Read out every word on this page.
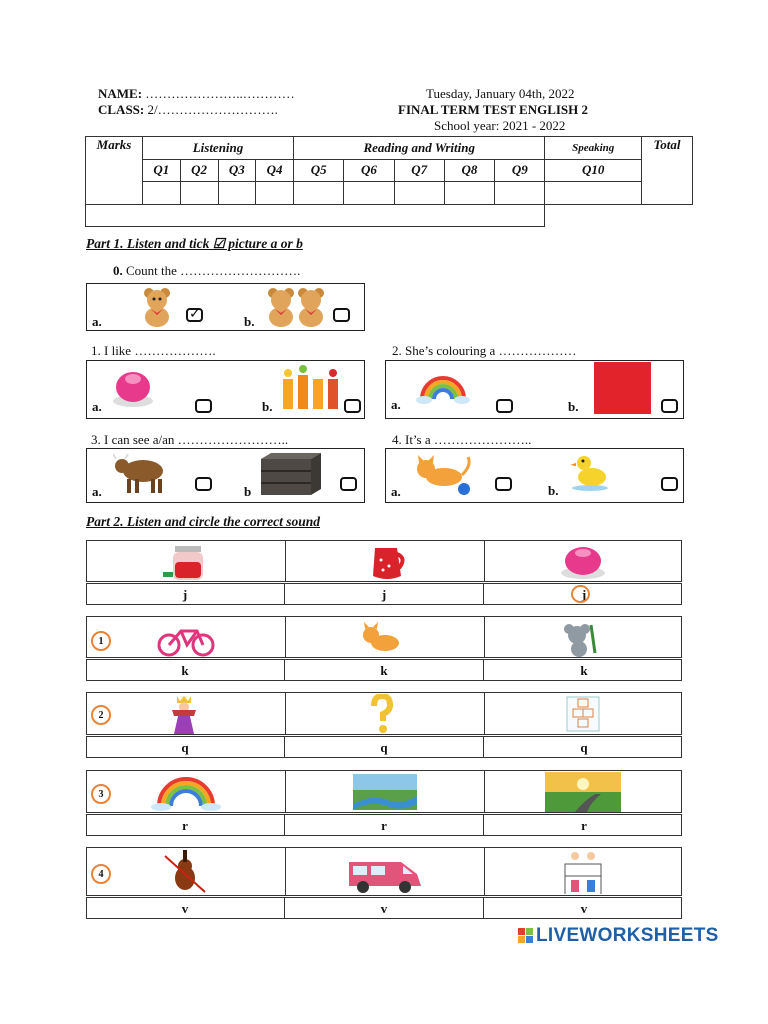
NAME: …………………..…………
CLASS: 2/……………………….
Tuesday, January 04th, 2022
FINAL TERM TEST ENGLISH 2
School year: 2021 - 2022
Marks	Listening				Reading and Writing					Speaking	Total
	Q1	Q2	Q3	Q4	Q5	Q6	Q7	Q8	Q9	Q10	

Part 1. Listen and tick ☑ picture a or b
0. Count the ……………………….
a.	✓	b.
1. I like ……………….
a.	b.
2. She’s colouring a ………………
a.	b.
3. I can see a/an ……………………..
a.	b
4. It’s a …………………..
a.	b.
Part 2. Listen and circle the correct sound
j	j	j
1
k	k	k
2
q	q	q
3
r	r	r
4
v	v	v
LIVEWORKSHEETS
